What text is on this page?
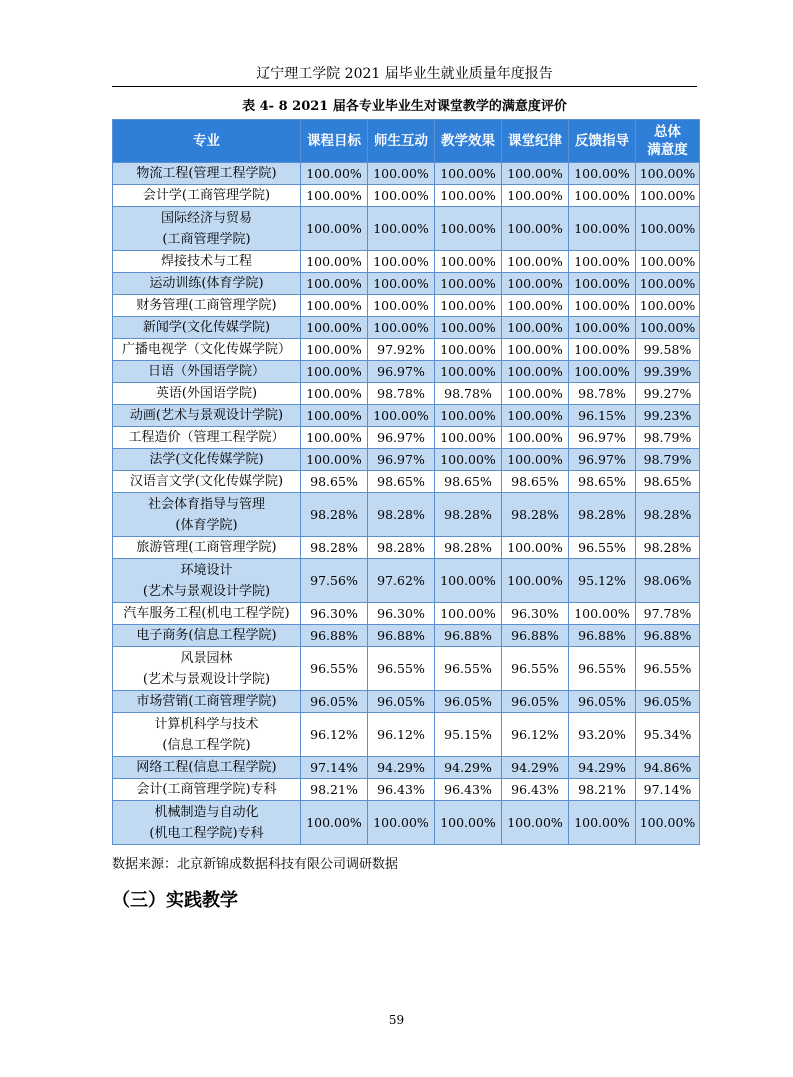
辽宁理工学院 2021 届毕业生就业质量年度报告
表 4- 8 2021 届各专业毕业生对课堂教学的满意度评价
专业	课程目标	师生互动	教学效果	课堂纪律	反馈指导	总体
满意度
物流工程(管理工程学院)	100.00%	100.00%	100.00%	100.00%	100.00%	100.00%
会计学(工商管理学院)	100.00%	100.00%	100.00%	100.00%	100.00%	100.00%
国际经济与贸易
(工商管理学院)	100.00%	100.00%	100.00%	100.00%	100.00%	100.00%
焊接技术与工程	100.00%	100.00%	100.00%	100.00%	100.00%	100.00%
运动训练(体育学院)	100.00%	100.00%	100.00%	100.00%	100.00%	100.00%
财务管理(工商管理学院)	100.00%	100.00%	100.00%	100.00%	100.00%	100.00%
新闻学(文化传媒学院)	100.00%	100.00%	100.00%	100.00%	100.00%	100.00%
广播电视学（文化传媒学院）	100.00%	97.92%	100.00%	100.00%	100.00%	99.58%
日语（外国语学院）	100.00%	96.97%	100.00%	100.00%	100.00%	99.39%
英语(外国语学院)	100.00%	98.78%	98.78%	100.00%	98.78%	99.27%
动画(艺术与景观设计学院)	100.00%	100.00%	100.00%	100.00%	96.15%	99.23%
工程造价（管理工程学院）	100.00%	96.97%	100.00%	100.00%	96.97%	98.79%
法学(文化传媒学院)	100.00%	96.97%	100.00%	100.00%	96.97%	98.79%
汉语言文学(文化传媒学院)	98.65%	98.65%	98.65%	98.65%	98.65%	98.65%
社会体育指导与管理
(体育学院)	98.28%	98.28%	98.28%	98.28%	98.28%	98.28%
旅游管理(工商管理学院)	98.28%	98.28%	98.28%	100.00%	96.55%	98.28%
环境设计
(艺术与景观设计学院)	97.56%	97.62%	100.00%	100.00%	95.12%	98.06%
汽车服务工程(机电工程学院)	96.30%	96.30%	100.00%	96.30%	100.00%	97.78%
电子商务(信息工程学院)	96.88%	96.88%	96.88%	96.88%	96.88%	96.88%
风景园林
(艺术与景观设计学院)	96.55%	96.55%	96.55%	96.55%	96.55%	96.55%
市场营销(工商管理学院)	96.05%	96.05%	96.05%	96.05%	96.05%	96.05%
计算机科学与技术
(信息工程学院)	96.12%	96.12%	95.15%	96.12%	93.20%	95.34%
网络工程(信息工程学院)	97.14%	94.29%	94.29%	94.29%	94.29%	94.86%
会计(工商管理学院)专科	98.21%	96.43%	96.43%	96.43%	98.21%	97.14%
机械制造与自动化
(机电工程学院)专科	100.00%	100.00%	100.00%	100.00%	100.00%	100.00%
数据来源：北京新锦成数据科技有限公司调研数据
（三）实践教学
59
